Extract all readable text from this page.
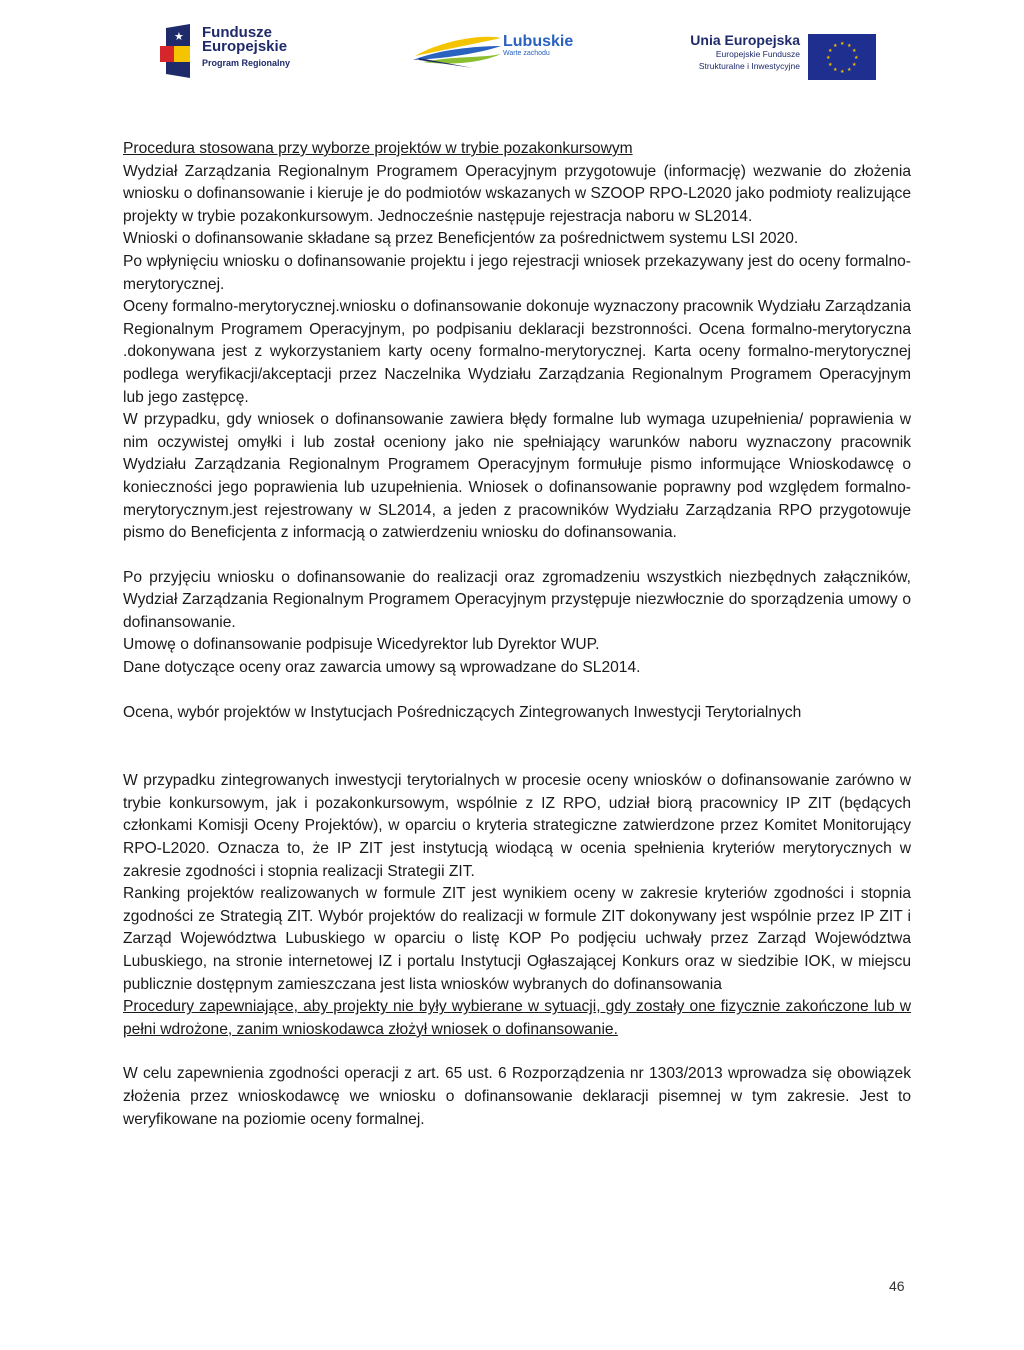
★ Fundusze
Europejskie
Program Regionalny
Lubuskie
Warte zachodu
Unia Europejska
Europejskie Fundusze
Strukturalne i Inwestycyjne
★ ★
★
★
★
★
★
★
★
★
★
★

Procedura stosowana przy wyborze projektów w trybie pozakonkursowym

Wydział Zarządzania Regionalnym Programem Operacyjnym przygotowuje (informację) wezwanie do złożenia wniosku o dofinansowanie i kieruje je do podmiotów wskazanych w SZOOP RPO-L2020 jako podmioty realizujące projekty w trybie pozakonkursowym. Jednocześnie następuje rejestracja naboru w SL2014.

Wnioski o dofinansowanie składane są przez Beneficjentów za pośrednictwem systemu LSI 2020.

Po wpłynięciu wniosku o dofinansowanie projektu i jego rejestracji wniosek przekazywany jest do oceny formalno-merytorycznej.

Oceny formalno-merytorycznej.wniosku o dofinansowanie dokonuje wyznaczony pracownik Wydziału Zarządzania Regionalnym Programem Operacyjnym, po podpisaniu deklaracji bezstronności. Ocena formalno-merytoryczna .dokonywana jest z wykorzystaniem karty oceny formalno-merytorycznej. Karta oceny formalno-merytorycznej podlega weryfikacji/akceptacji przez Naczelnika Wydziału Zarządzania Regionalnym Programem Operacyjnym lub jego zastępcę.

W przypadku, gdy wniosek o dofinansowanie zawiera błędy formalne lub wymaga uzupełnienia/ poprawienia w nim oczywistej omyłki i lub został oceniony jako nie spełniający warunków naboru wyznaczony pracownik Wydziału Zarządzania Regionalnym Programem Operacyjnym formułuje pismo informujące Wnioskodawcę o konieczności jego poprawienia lub uzupełnienia. Wniosek o dofinansowanie poprawny pod względem formalno-merytorycznym.jest rejestrowany w SL2014, a jeden z pracowników Wydziału Zarządzania RPO przygotowuje pismo do Beneficjenta z informacją o zatwierdzeniu wniosku do dofinansowania.

Po przyjęciu wniosku o dofinansowanie do realizacji oraz zgromadzeniu wszystkich niezbędnych załączników, Wydział Zarządzania Regionalnym Programem Operacyjnym przystępuje niezwłocznie do sporządzenia umowy o dofinansowanie.

Umowę o dofinansowanie podpisuje Wicedyrektor lub Dyrektor WUP.

Dane dotyczące oceny oraz zawarcia umowy są wprowadzane do SL2014.

Ocena, wybór projektów w Instytucjach Pośredniczących Zintegrowanych Inwestycji Terytorialnych

W przypadku zintegrowanych inwestycji terytorialnych w procesie oceny wniosków o dofinansowanie zarówno w trybie konkursowym, jak i pozakonkursowym, wspólnie z IZ RPO, udział biorą pracownicy IP ZIT (będących członkami Komisji Oceny Projektów), w oparciu o kryteria strategiczne zatwierdzone przez Komitet Monitorujący RPO-L2020. Oznacza to, że IP ZIT jest instytucją wiodącą w ocenia spełnienia kryteriów merytorycznych w zakresie zgodności i stopnia realizacji Strategii ZIT.

Ranking projektów realizowanych w formule ZIT jest wynikiem oceny w zakresie kryteriów zgodności i stopnia zgodności ze Strategią ZIT. Wybór projektów do realizacji w formule ZIT dokonywany jest wspólnie przez IP ZIT i Zarząd Województwa Lubuskiego w oparciu o listę KOP Po podjęciu uchwały przez Zarząd Województwa Lubuskiego, na stronie internetowej IZ i portalu Instytucji Ogłaszającej Konkurs oraz w siedzibie IOK, w miejscu publicznie dostępnym zamieszczana jest lista wniosków wybranych do dofinansowania

Procedury zapewniające, aby projekty nie były wybierane w sytuacji, gdy zostały one fizycznie zakończone lub w pełni wdrożone, zanim wnioskodawca złożył wniosek o dofinansowanie.

W celu zapewnienia zgodności operacji z art. 65 ust. 6 Rozporządzenia nr 1303/2013 wprowadza się obowiązek złożenia przez wnioskodawcę we wniosku o dofinansowanie deklaracji pisemnej w tym zakresie. Jest to weryfikowane na poziomie oceny formalnej.

46
